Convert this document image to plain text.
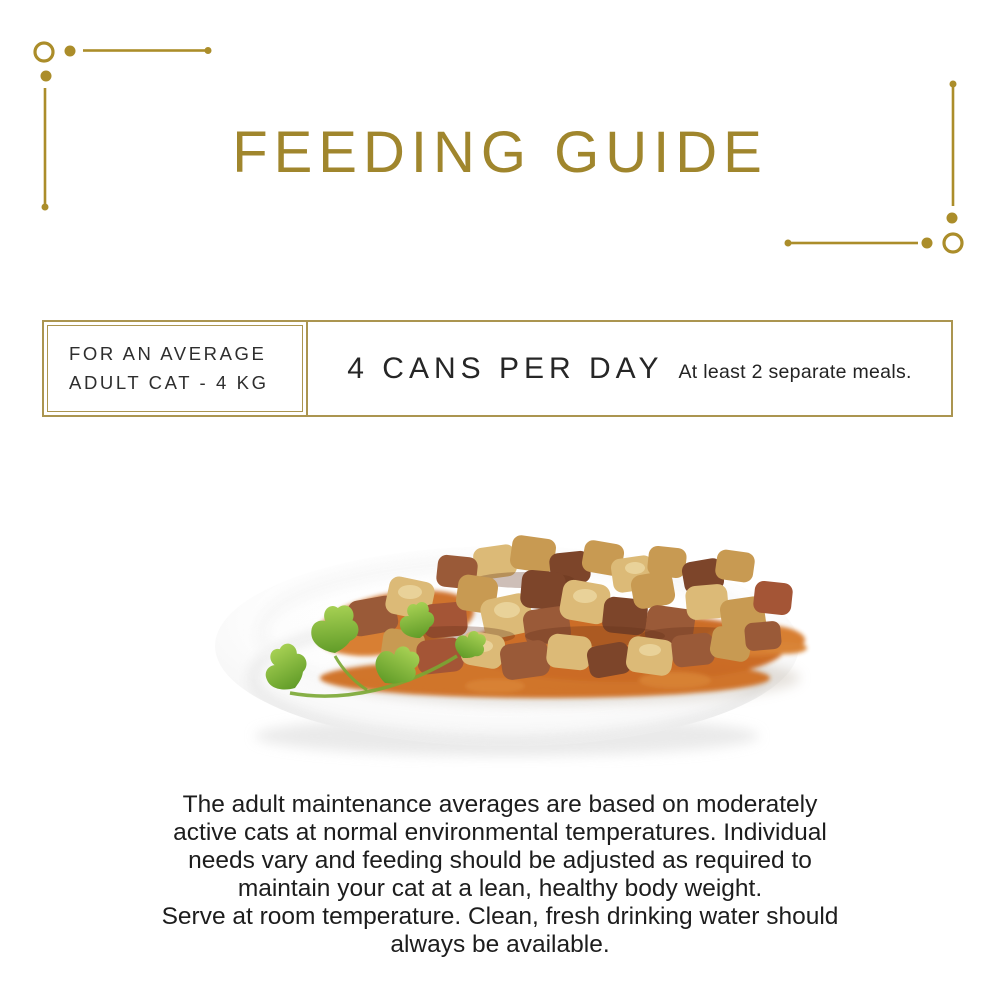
FEEDING GUIDE
FOR AN AVERAGE
ADULT CAT - 4 KG	4 CANS PER DAY At least 2 separate meals.
The adult maintenance averages are based on moderately
active cats at normal environmental temperatures. Individual
needs vary and feeding should be adjusted as required to
maintain your cat at a lean, healthy body weight.
Serve at room temperature. Clean, fresh drinking water should
always be available.
